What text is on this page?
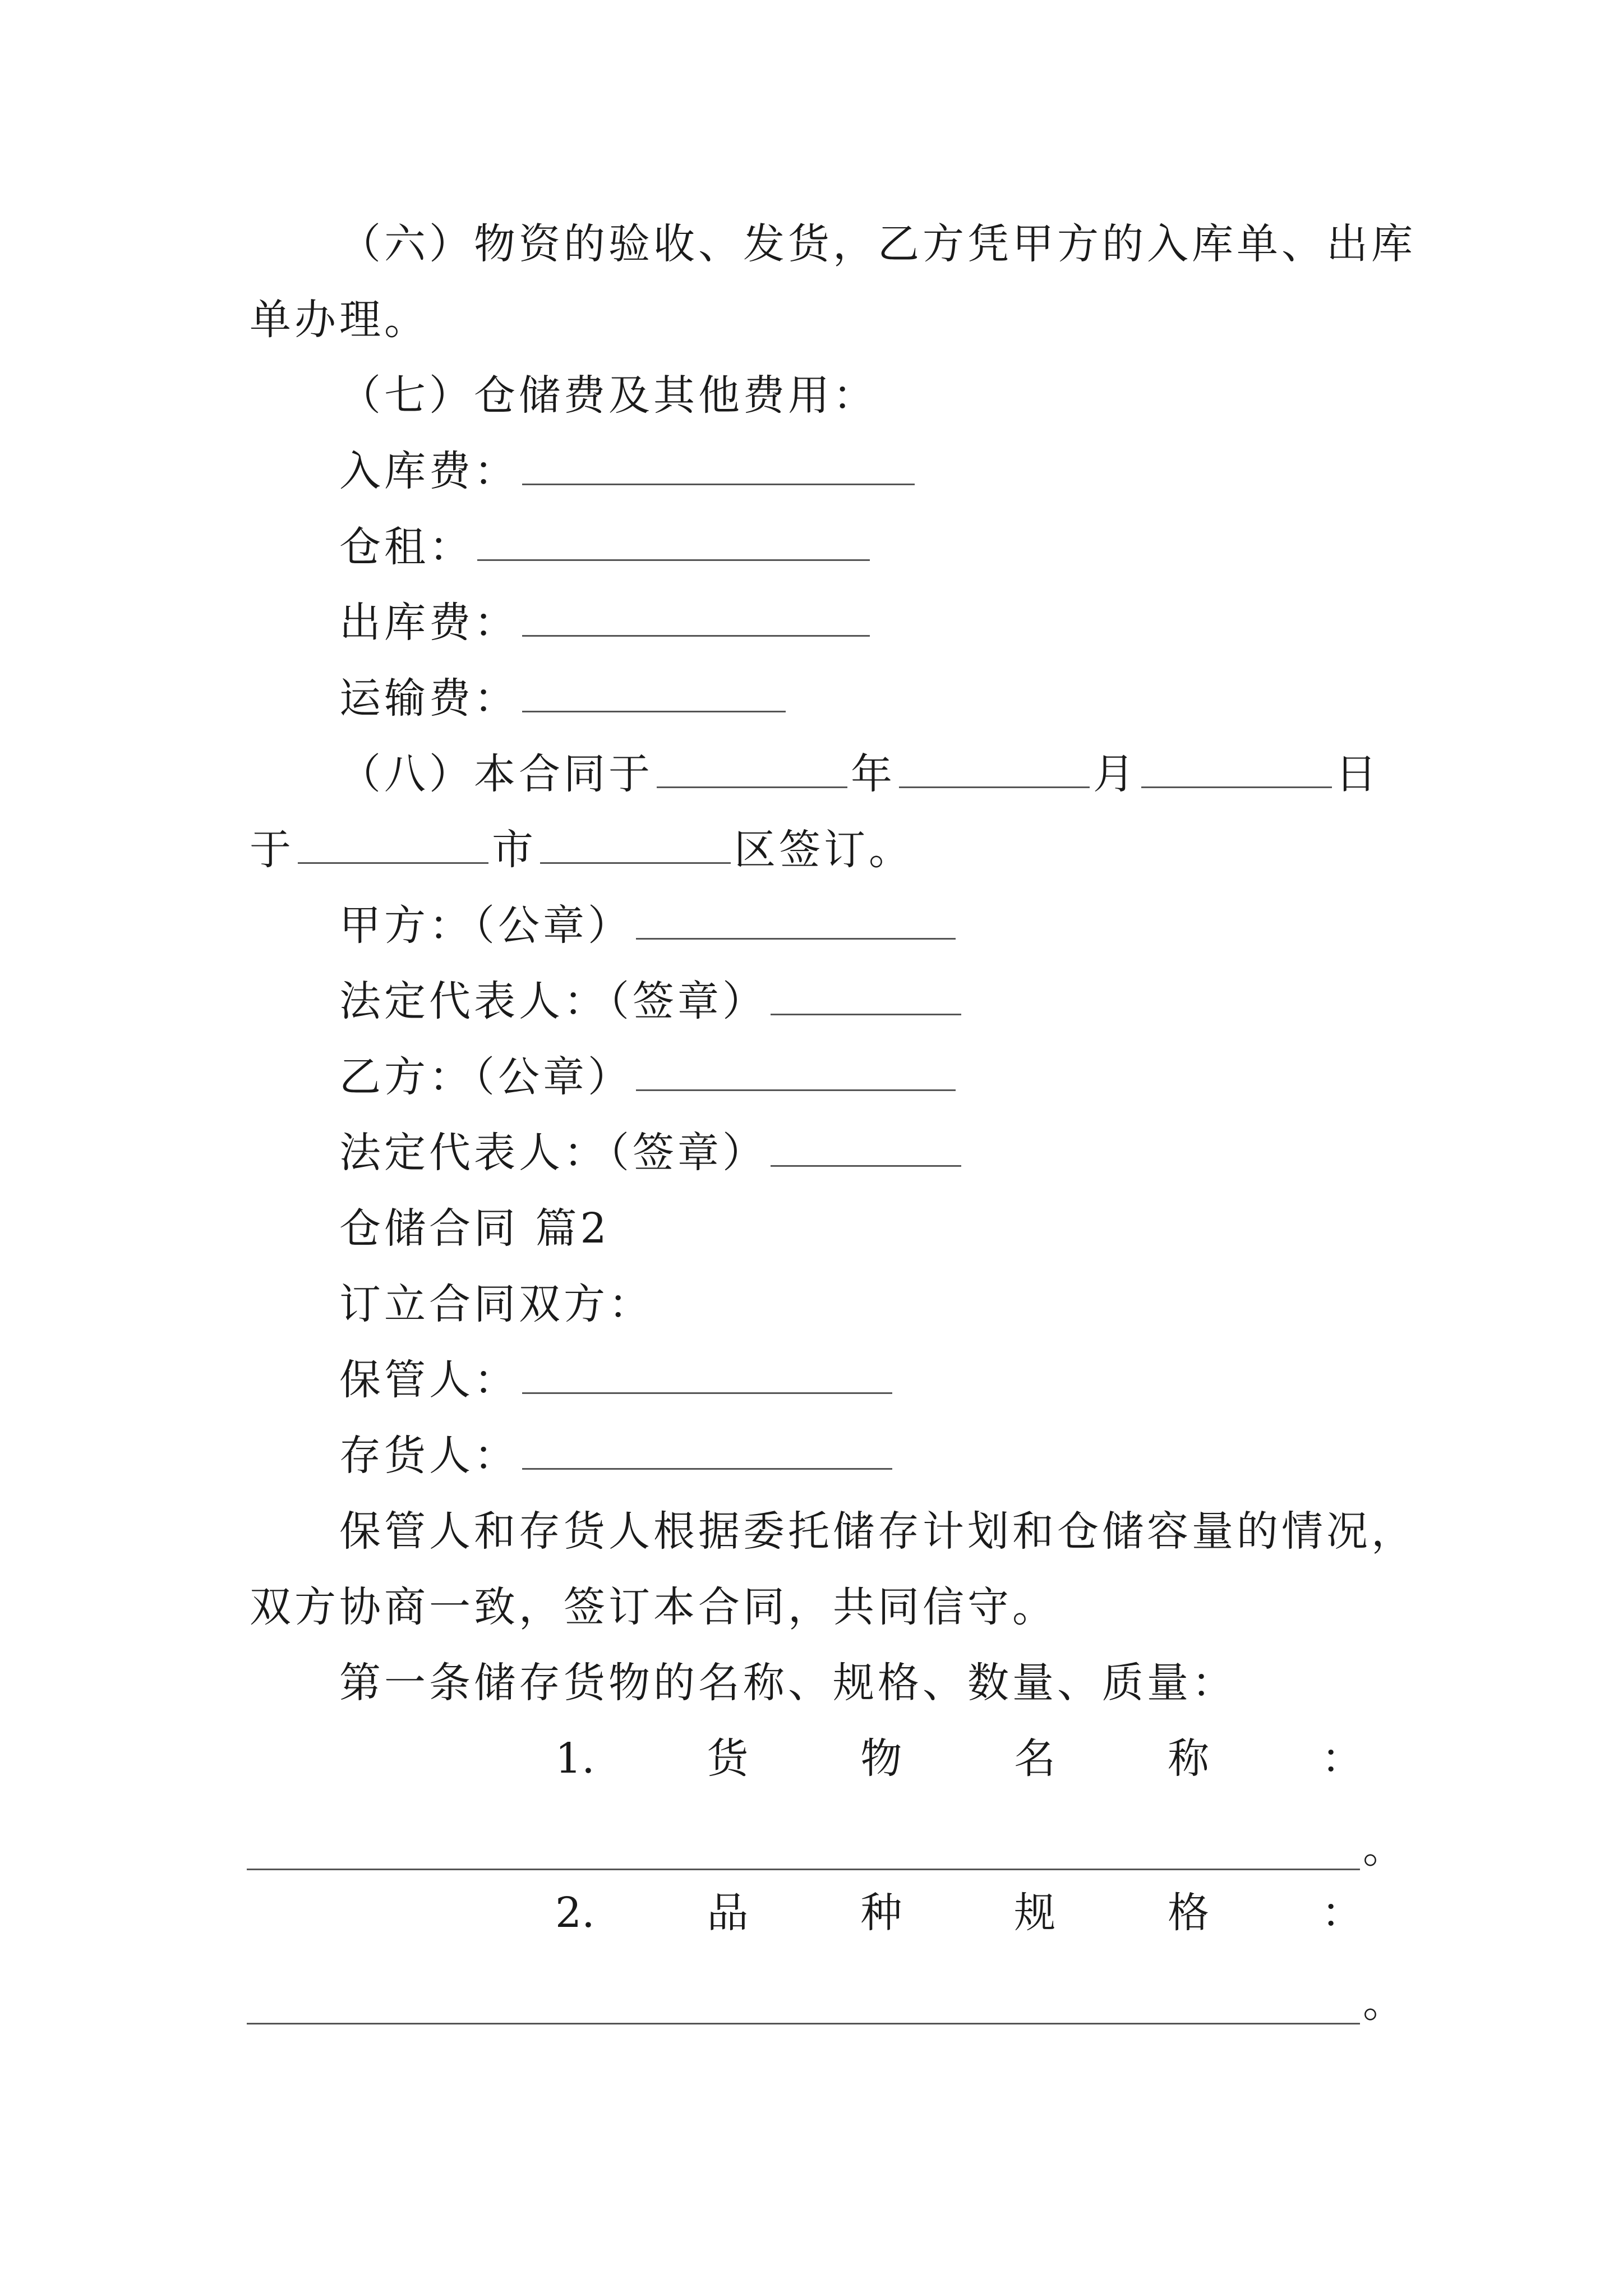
（六）物资的验收、发货，乙方凭甲方的入库单、出库
单办理。
（七）仓储费及其他费用：
入库费：
仓租：
出库费：
运输费：
（八）本合同于	年	月	日
于	市	区签订。
甲方：（公章）
法定代表人：（签章）
乙方：（公章）
法定代表人：（签章）
仓储合同 篇2
订立合同双方：
保管人：
存货人：
保管人和存货人根据委托储存计划和仓储容量的情况，
双方协商一致，签订本合同，共同信守。
第一条储存货物的名称、规格、数量、质量：
1.	货	物	名	称	：
。
2.	品	种	规	格	：
。
